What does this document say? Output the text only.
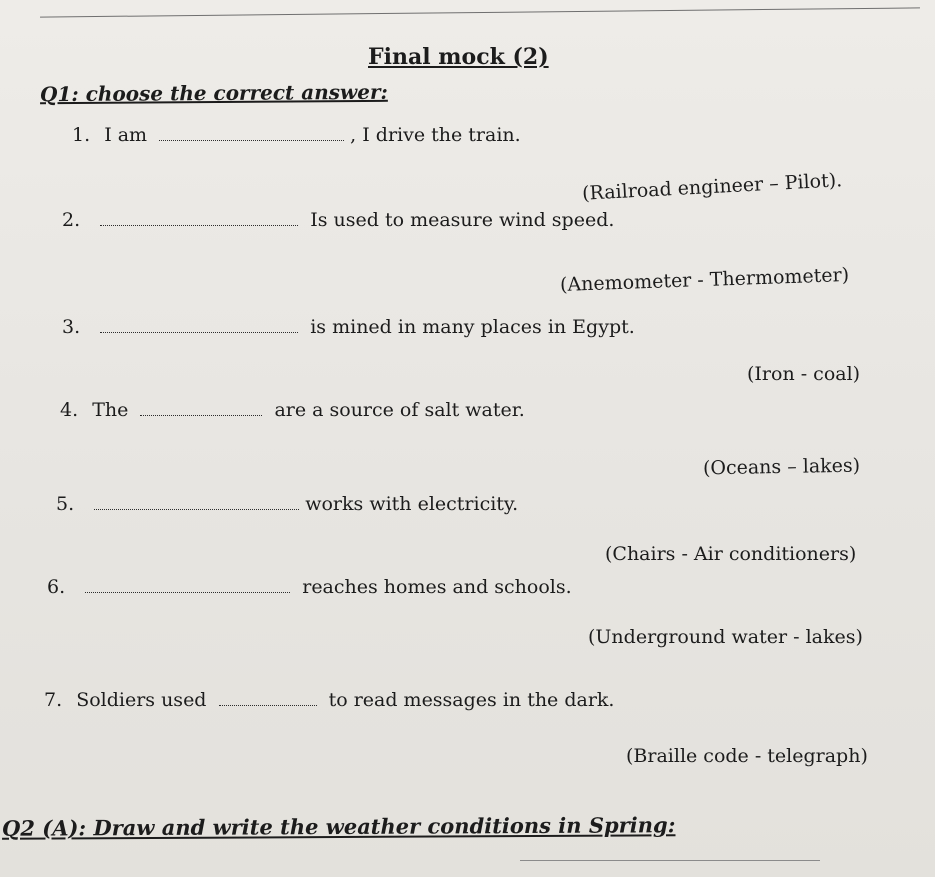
Final mock (2)
Q1: choose the correct answer:
1. I am	, I drive the train.
(Railroad engineer – Pilot).
2.	Is used to measure wind speed.
(Anemometer - Thermometer)
3.	is mined in many places in Egypt.
(Iron - coal)
4. The	are a source of salt water.
(Oceans – lakes)
5.	works with electricity.
(Chairs - Air conditioners)
6.	reaches homes and schools.
(Underground water - lakes)
7. Soldiers used	to read messages in the dark.
(Braille code - telegraph)
Q2 (A): Draw and write the weather conditions in Spring:
